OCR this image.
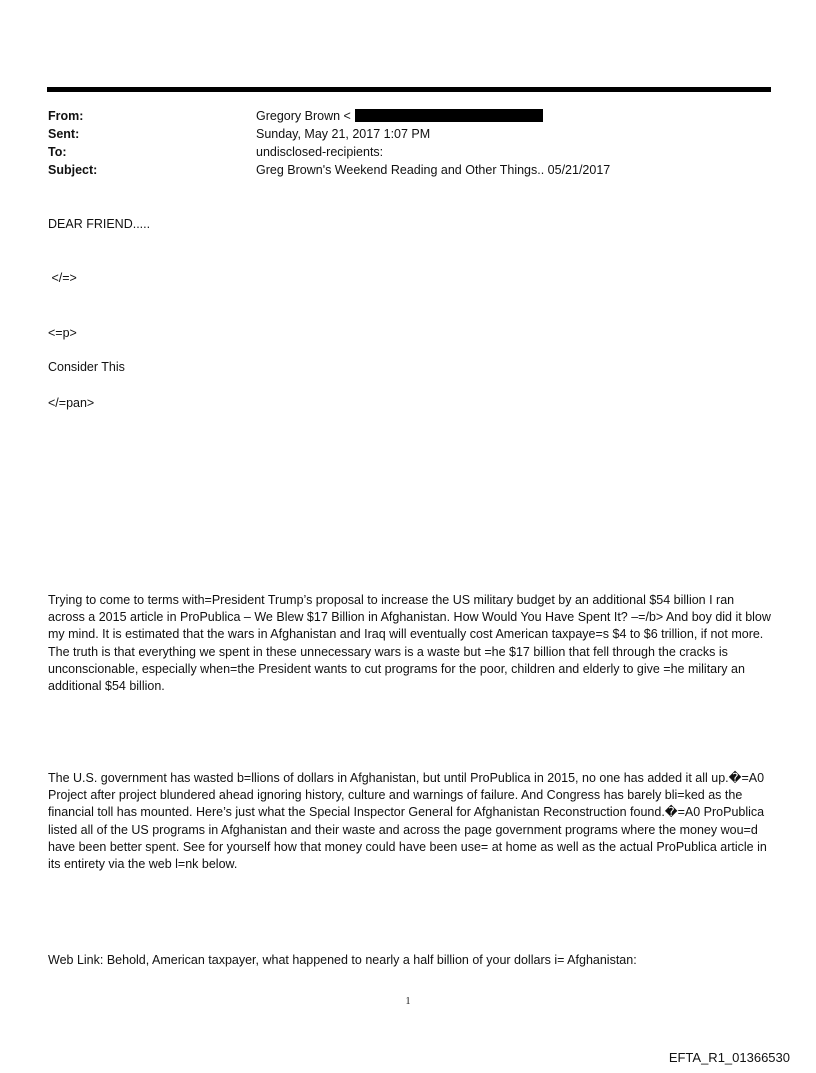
From:	Gregory Brown <
Sent:	Sunday, May 21, 2017 1:07 PM
To:	undisclosed-recipients:
Subject:	Greg Brown's Weekend Reading and Other Things.. 05/21/2017
DEAR FRIEND.....
</=>
<=p>
Consider This
</=pan>
Trying to come to terms with=President Trump’s proposal to increase the US military budget by an additional $54 billion I ran across a 2015 article in ProPublica – We Blew $17 Billion in Afghanistan. How Would You Have Spent It? –=/b> And boy did it blow my mind. It is estimated that the wars in Afghanistan and Iraq will eventually cost American taxpaye=s $4 to $6 trillion, if not more. The truth is that everything we spent in these unnecessary wars is a waste but =he $17 billion that fell through the cracks is unconscionable, especially when=the President wants to cut programs for the poor, children and elderly to give =he military an additional $54 billion.
The U.S. government has wasted b=llions of dollars in Afghanistan, but until ProPublica in 2015, no one has added it all up.�=A0 Project after project blundered ahead ignoring history, culture and warnings of failure. And Congress has barely bli=ked as the financial toll has mounted. Here’s just what the Special Inspector General for Afghanistan Reconstruction found.�=A0 ProPublica listed all of the US programs in Afghanistan and their waste and across the page government programs where the money wou=d have been better spent. See for yourself how that money could have been use= at home as well as the actual ProPublica article in its entirety via the web l=nk below.
Web Link: Behold, American taxpayer, what happened to nearly a half billion of your dollars i= Afghanistan:
1
EFTA_R1_01366530
